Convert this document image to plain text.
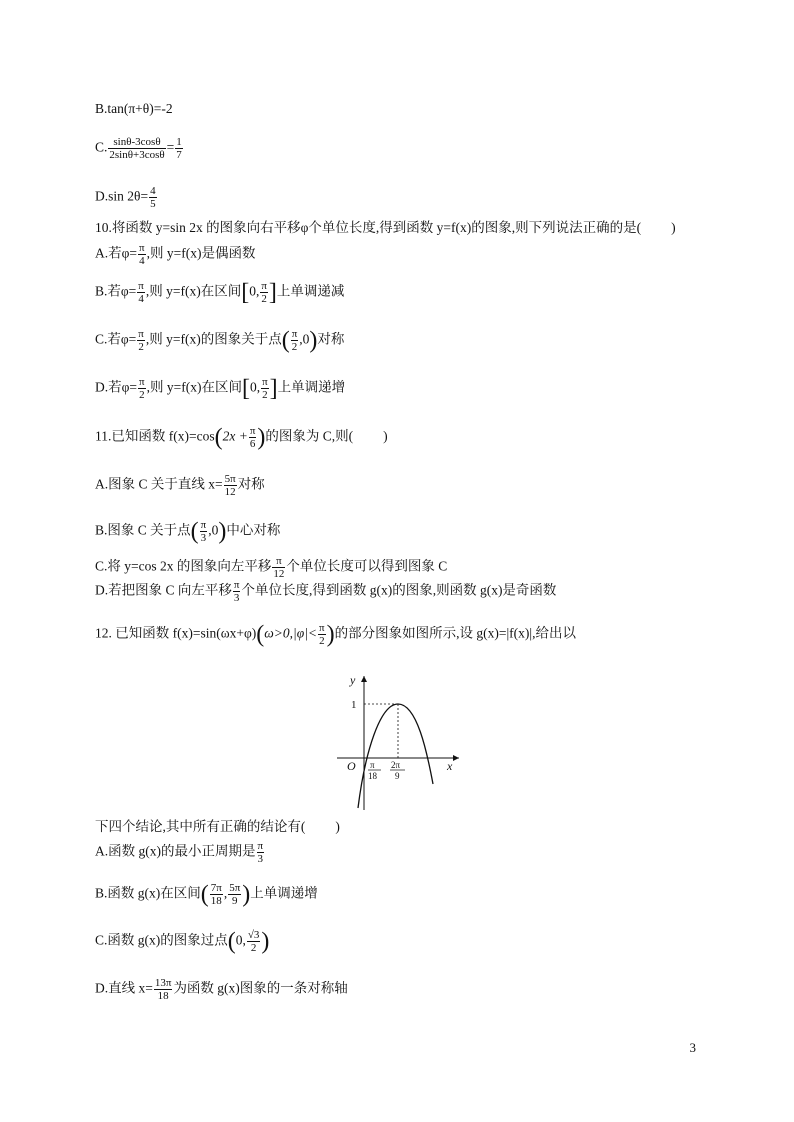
B.tan(π+θ)=-2
C. $\frac{\sin\theta-3\cos\theta}{2\sin\theta+3\cos\theta} = \frac{1}{7}$
D.sin $2\theta= \frac{4}{5}$
10.将函数 y=sin 2x 的图象向右平移φ个单位长度,得到函数 y=f(x)的图象,则下列说法正确的是( )
A.若$\varphi= \frac{\pi}{4}$ ,则 y=f(x)是偶函数
B.若$\varphi= \frac{\pi}{4}$ ,则 y=f(x)在区间[0, $\frac{\pi}{2}$ ]上单调递减
C.若$\varphi= \frac{\pi}{2}$ ,则 y=f(x)的图象关于点( $\frac{\pi}{2} ,0$)对称
D.若$\varphi= \frac{\pi}{2}$ ,则 y=f(x)在区间[0, $\frac{\pi}{2}$ ]上单调递增
11.已知函数 $f(x)=\cos(2x + \frac{\pi}{6}$ )的图象为 C,则( )
A.图象 C 关于直线 $x= \frac{5\pi}{12}$ 对称
B.图象 C 关于点( $\frac{\pi}{3} ,0$)中心对称
C.将 y=cos 2x 的图象向左平移 $\frac{\pi}{12}$ 个单位长度可以得到图象 C
D.若把图象 C 向左平移 $\frac{\pi}{3}$ 个单位长度,得到函数 g(x)的图象,则函数 g(x)是奇函数
12. 已知函数 $f(x)=\sin(\omega x+\varphi)(\omega>0,|\varphi|< \frac{\pi}{2}$ )的部分图象如图所示,设 g(x)=|f(x)|,给出以
y
x
O
1
π
18
2π
9
下四个结论,其中所有正确的结论有( )
A.函数 g(x)的最小正周期是 $\frac{\pi}{3}$
B.函数 g(x)在区间( $\frac{7\pi}{18}$ , $\frac{5\pi}{9}$ )上单调递增
C.函数 g(x)的图象过点(0, $\frac{√3}{2}$ )
D.直线 $x= \frac{13\pi}{18}$ 为函数 g(x)图象的一条对称轴
3
